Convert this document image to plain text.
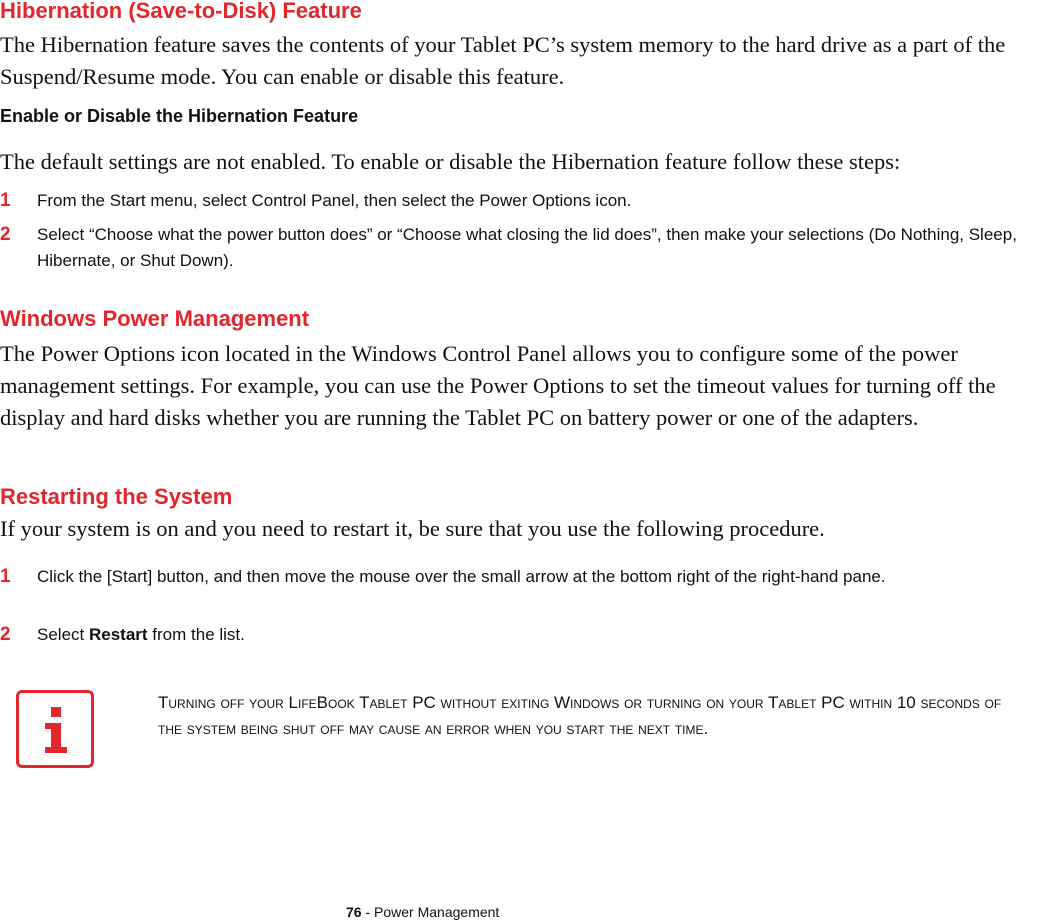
Hibernation (Save-to-Disk) Feature

The Hibernation feature saves the contents of your Tablet PC’s system memory to the hard drive as a part of the Suspend/Resume mode. You can enable or disable this feature.

Enable or Disable the Hibernation Feature

The default settings are not enabled. To enable or disable the Hibernation feature follow these steps:

1 From the Start menu, select Control Panel, then select the Power Options icon.
2 Select “Choose what the power button does” or “Choose what closing the lid does”, then make your selections (Do Nothing, Sleep, Hibernate, or Shut Down).
Windows Power Management

The Power Options icon located in the Windows Control Panel allows you to configure some of the power management settings. For example, you can use the Power Options to set the timeout values for turning off the display and hard disks whether you are running the Tablet PC on battery power or one of the adapters.

Restarting the System

If your system is on and you need to restart it, be sure that you use the following procedure.

1 Click the [Start] button, and then move the mouse over the small arrow at the bottom right of the right-hand pane.
2 Select Restart from the list.
Turning off your LifeBook Tablet PC without exiting Windows or turning on your Tablet PC within 10 seconds of the system being shut off may cause an error when you start the next time.
76 - Power Management
